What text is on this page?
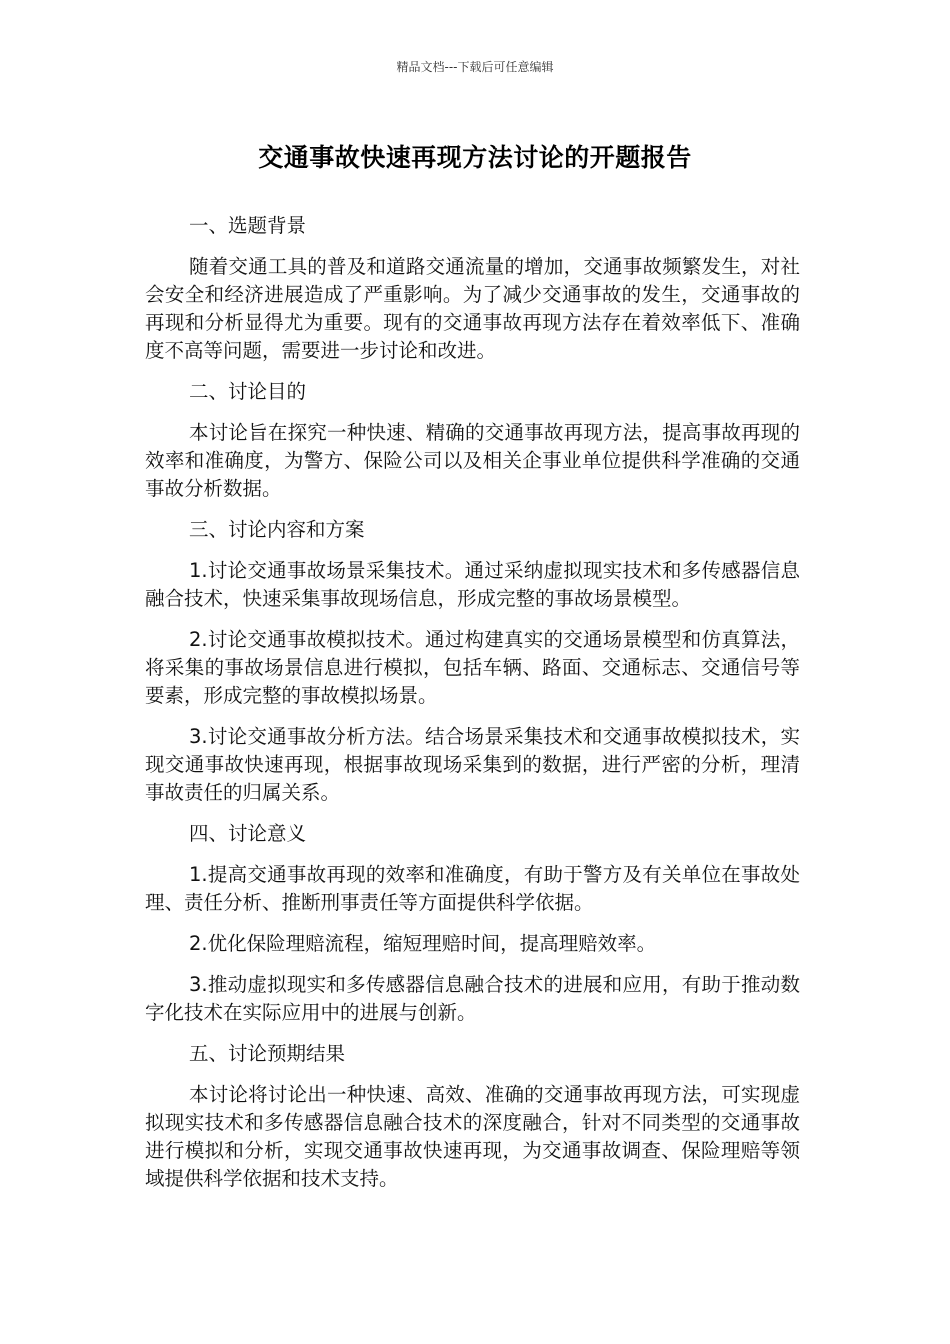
精品文档---下载后可任意编辑
交通事故快速再现方法讨论的开题报告

一、选题背景

随着交通工具的普及和道路交通流量的增加，交通事故频繁发生，对社会安全和经济进展造成了严重影响。为了减少交通事故的发生，交通事故的再现和分析显得尤为重要。现有的交通事故再现方法存在着效率低下、准确度不高等问题，需要进一步讨论和改进。

二、讨论目的

本讨论旨在探究一种快速、精确的交通事故再现方法，提高事故再现的效率和准确度，为警方、保险公司以及相关企事业单位提供科学准确的交通事故分析数据。

三、讨论内容和方案

1.讨论交通事故场景采集技术。通过采纳虚拟现实技术和多传感器信息融合技术，快速采集事故现场信息，形成完整的事故场景模型。

2.讨论交通事故模拟技术。通过构建真实的交通场景模型和仿真算法，将采集的事故场景信息进行模拟，包括车辆、路面、交通标志、交通信号等要素，形成完整的事故模拟场景。

3.讨论交通事故分析方法。结合场景采集技术和交通事故模拟技术，实现交通事故快速再现，根据事故现场采集到的数据，进行严密的分析，理清事故责任的归属关系。

四、讨论意义

1.提高交通事故再现的效率和准确度，有助于警方及有关单位在事故处理、责任分析、推断刑事责任等方面提供科学依据。

2.优化保险理赔流程，缩短理赔时间，提高理赔效率。

3.推动虚拟现实和多传感器信息融合技术的进展和应用，有助于推动数字化技术在实际应用中的进展与创新。

五、讨论预期结果

本讨论将讨论出一种快速、高效、准确的交通事故再现方法，可实现虚拟现实技术和多传感器信息融合技术的深度融合，针对不同类型的交通事故进行模拟和分析，实现交通事故快速再现，为交通事故调查、保险理赔等领域提供科学依据和技术支持。
